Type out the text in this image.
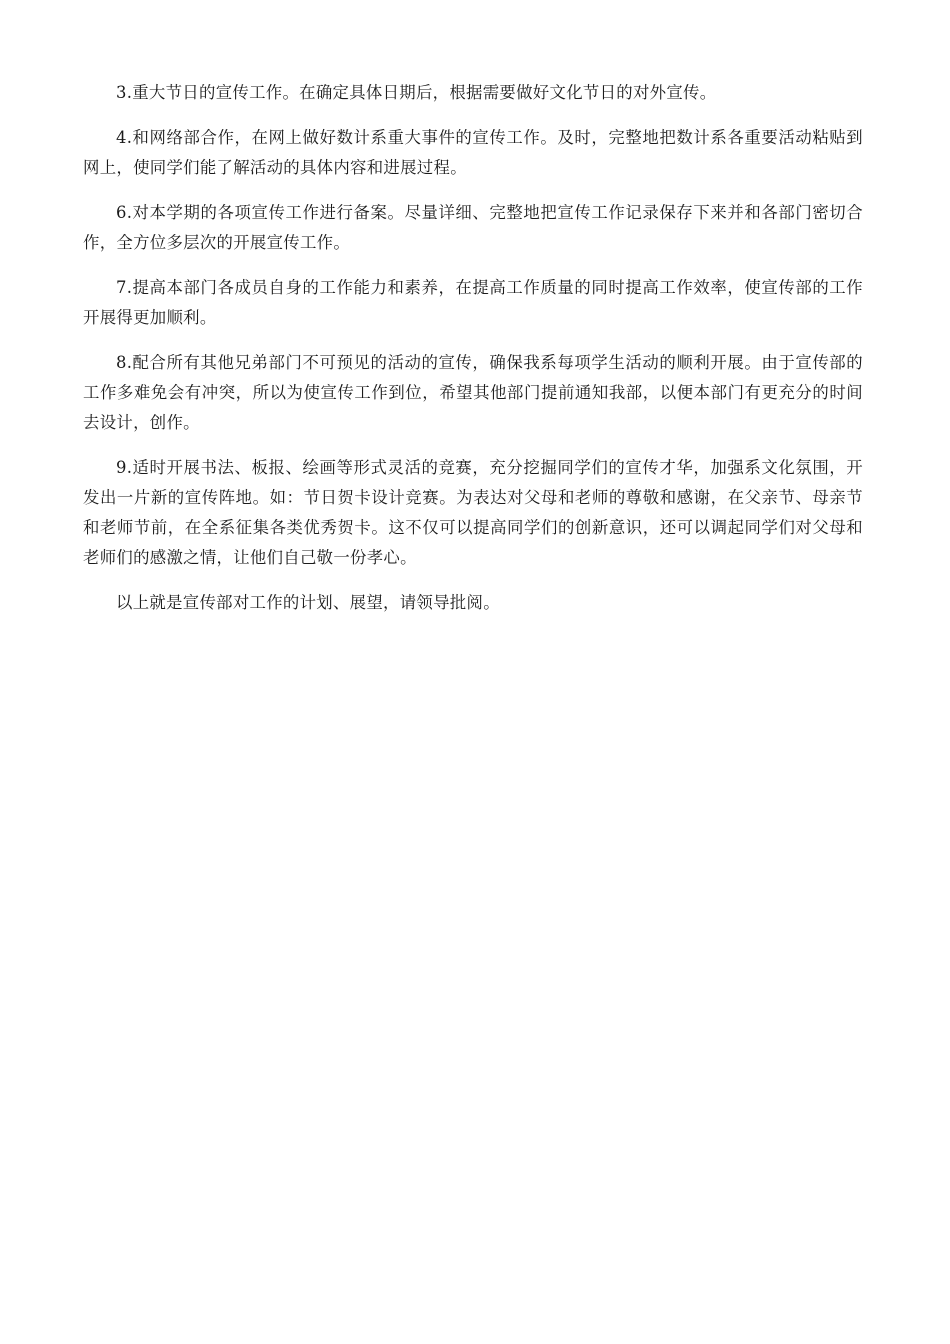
3.重大节日的宣传工作。在确定具体日期后，根据需要做好文化节日的对外宣传。

4.和网络部合作，在网上做好数计系重大事件的宣传工作。及时，完整地把数计系各重要活动粘贴到网上，使同学们能了解活动的具体内容和进展过程。

6.对本学期的各项宣传工作进行备案。尽量详细、完整地把宣传工作记录保存下来并和各部门密切合作，全方位多层次的开展宣传工作。

7.提高本部门各成员自身的工作能力和素养，在提高工作质量的同时提高工作效率，使宣传部的工作开展得更加顺利。

8.配合所有其他兄弟部门不可预见的活动的宣传，确保我系每项学生活动的顺利开展。由于宣传部的工作多难免会有冲突，所以为使宣传工作到位，希望其他部门提前通知我部，以便本部门有更充分的时间去设计，创作。

9.适时开展书法、板报、绘画等形式灵活的竞赛，充分挖掘同学们的宣传才华，加强系文化氛围，开发出一片新的宣传阵地。如：节日贺卡设计竞赛。为表达对父母和老师的尊敬和感谢，在父亲节、母亲节和老师节前，在全系征集各类优秀贺卡。这不仅可以提高同学们的创新意识，还可以调起同学们对父母和老师们的感激之情，让他们自己敬一份孝心。

以上就是宣传部对工作的计划、展望，请领导批阅。
